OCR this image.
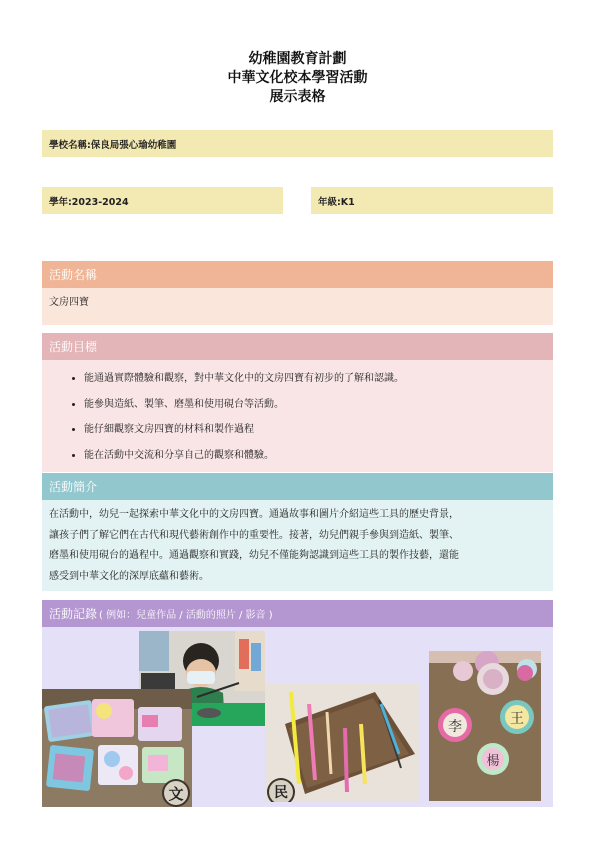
幼稚園教育計劃
中華文化校本學習活動
展示表格
學校名稱:保良局張心瑜幼稚園
學年:2023-2024	年級:K1
活動名稱
文房四寶
活動目標
• 能通過實際體驗和觀察，對中華文化中的文房四寶有初步的了解和認識。
• 能參與造紙、製筆、磨墨和使用硯台等活動。
• 能仔細觀察文房四寶的材料和製作過程
• 能在活動中交流和分享自己的觀察和體驗。
活動簡介

在活動中，幼兒一起探索中華文化中的文房四寶。通過故事和圖片介紹這些工具的歷史背景，
讓孩子們了解它們在古代和現代藝術創作中的重要性。接著，幼兒們親手參與到造紙、製筆、
磨墨和使用硯台的過程中。通過觀察和實踐，幼兒不僅能夠認識到這些工具的製作技藝，還能
感受到中華文化的深厚底蘊和藝術。

活動記錄 ( 例如：兒童作品 / 活動的照片 / 影音 )
文	民
李	王
楊
